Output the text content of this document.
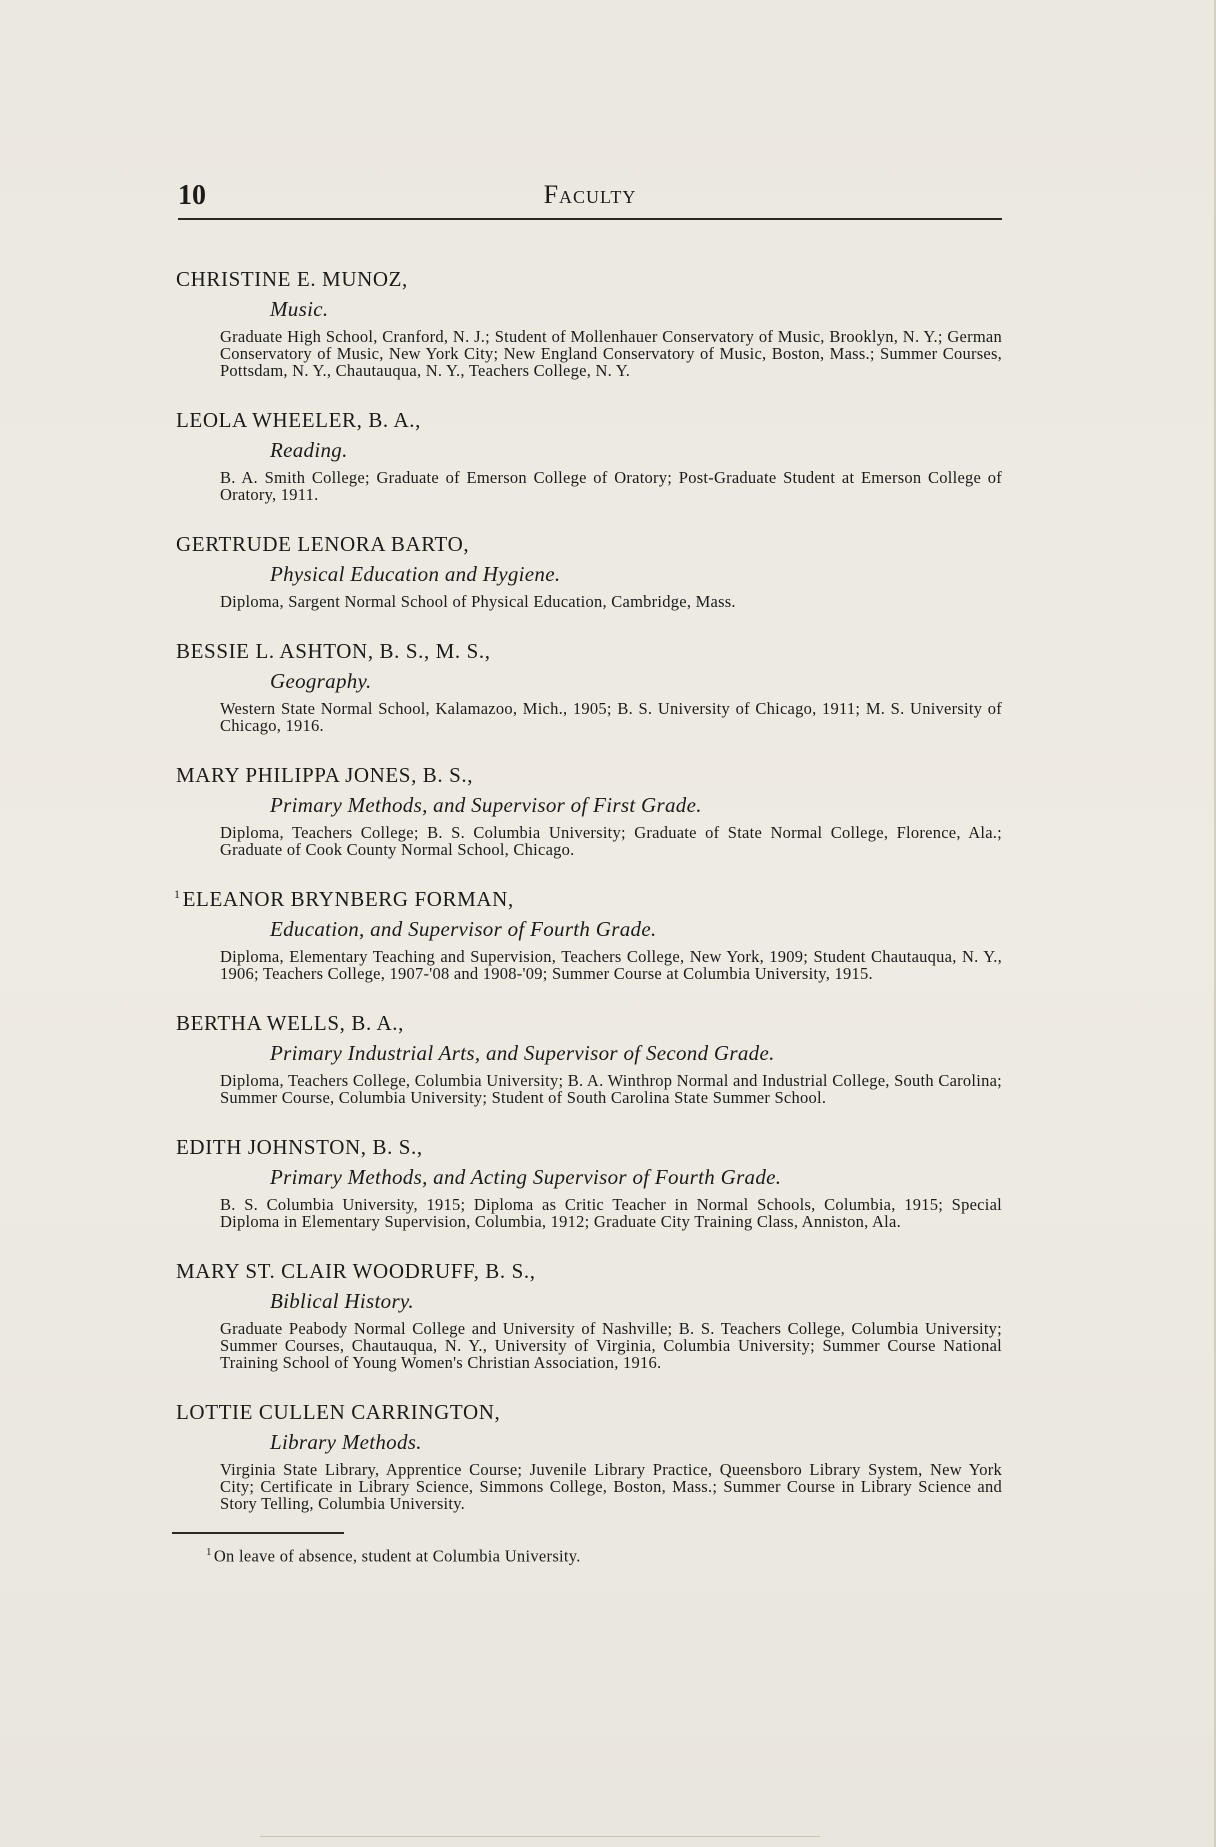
10	Faculty
CHRISTINE E. MUNOZ,
Music.
Graduate High School, Cranford, N. J.; Student of Mollenhauer Conservatory of Music, Brooklyn, N. Y.; German Conservatory of Music, New York City; New England Conservatory of Music, Boston, Mass.; Summer Courses, Pottsdam, N. Y., Chautauqua, N. Y., Teachers College, N. Y.
LEOLA WHEELER, B. A.,
Reading.
B. A. Smith College; Graduate of Emerson College of Oratory; Post-Graduate Student at Emerson College of Oratory, 1911.
GERTRUDE LENORA BARTO,
Physical Education and Hygiene.
Diploma, Sargent Normal School of Physical Education, Cambridge, Mass.
BESSIE L. ASHTON, B. S., M. S.,
Geography.
Western State Normal School, Kalamazoo, Mich., 1905; B. S. University of Chicago, 1911; M. S. University of Chicago, 1916.
MARY PHILIPPA JONES, B. S.,
Primary Methods, and Supervisor of First Grade.
Diploma, Teachers College; B. S. Columbia University; Graduate of State Normal College, Florence, Ala.; Graduate of Cook County Normal School, Chicago.
$^1$ELEANOR BRYNBERG FORMAN,
Education, and Supervisor of Fourth Grade.
Diploma, Elementary Teaching and Supervision, Teachers College, New York, 1909; Student Chautauqua, N. Y., 1906; Teachers College, 1907-'08 and 1908-'09; Summer Course at Columbia University, 1915.
BERTHA WELLS, B. A.,
Primary Industrial Arts, and Supervisor of Second Grade.
Diploma, Teachers College, Columbia University; B. A. Winthrop Normal and Industrial College, South Carolina; Summer Course, Columbia University; Student of South Carolina State Summer School.
EDITH JOHNSTON, B. S.,
Primary Methods, and Acting Supervisor of Fourth Grade.
B. S. Columbia University, 1915; Diploma as Critic Teacher in Normal Schools, Columbia, 1915; Special Diploma in Elementary Supervision, Columbia, 1912; Graduate City Training Class, Anniston, Ala.
MARY ST. CLAIR WOODRUFF, B. S.,
Biblical History.
Graduate Peabody Normal College and University of Nashville; B. S. Teachers College, Columbia University; Summer Courses, Chautauqua, N. Y., University of Virginia, Columbia University; Summer Course National Training School of Young Women's Christian Association, 1916.
LOTTIE CULLEN CARRINGTON,
Library Methods.
Virginia State Library, Apprentice Course; Juvenile Library Practice, Queensboro Library System, New York City; Certificate in Library Science, Simmons College, Boston, Mass.; Summer Course in Library Science and Story Telling, Columbia University.
$^1$ On leave of absence, student at Columbia University.
